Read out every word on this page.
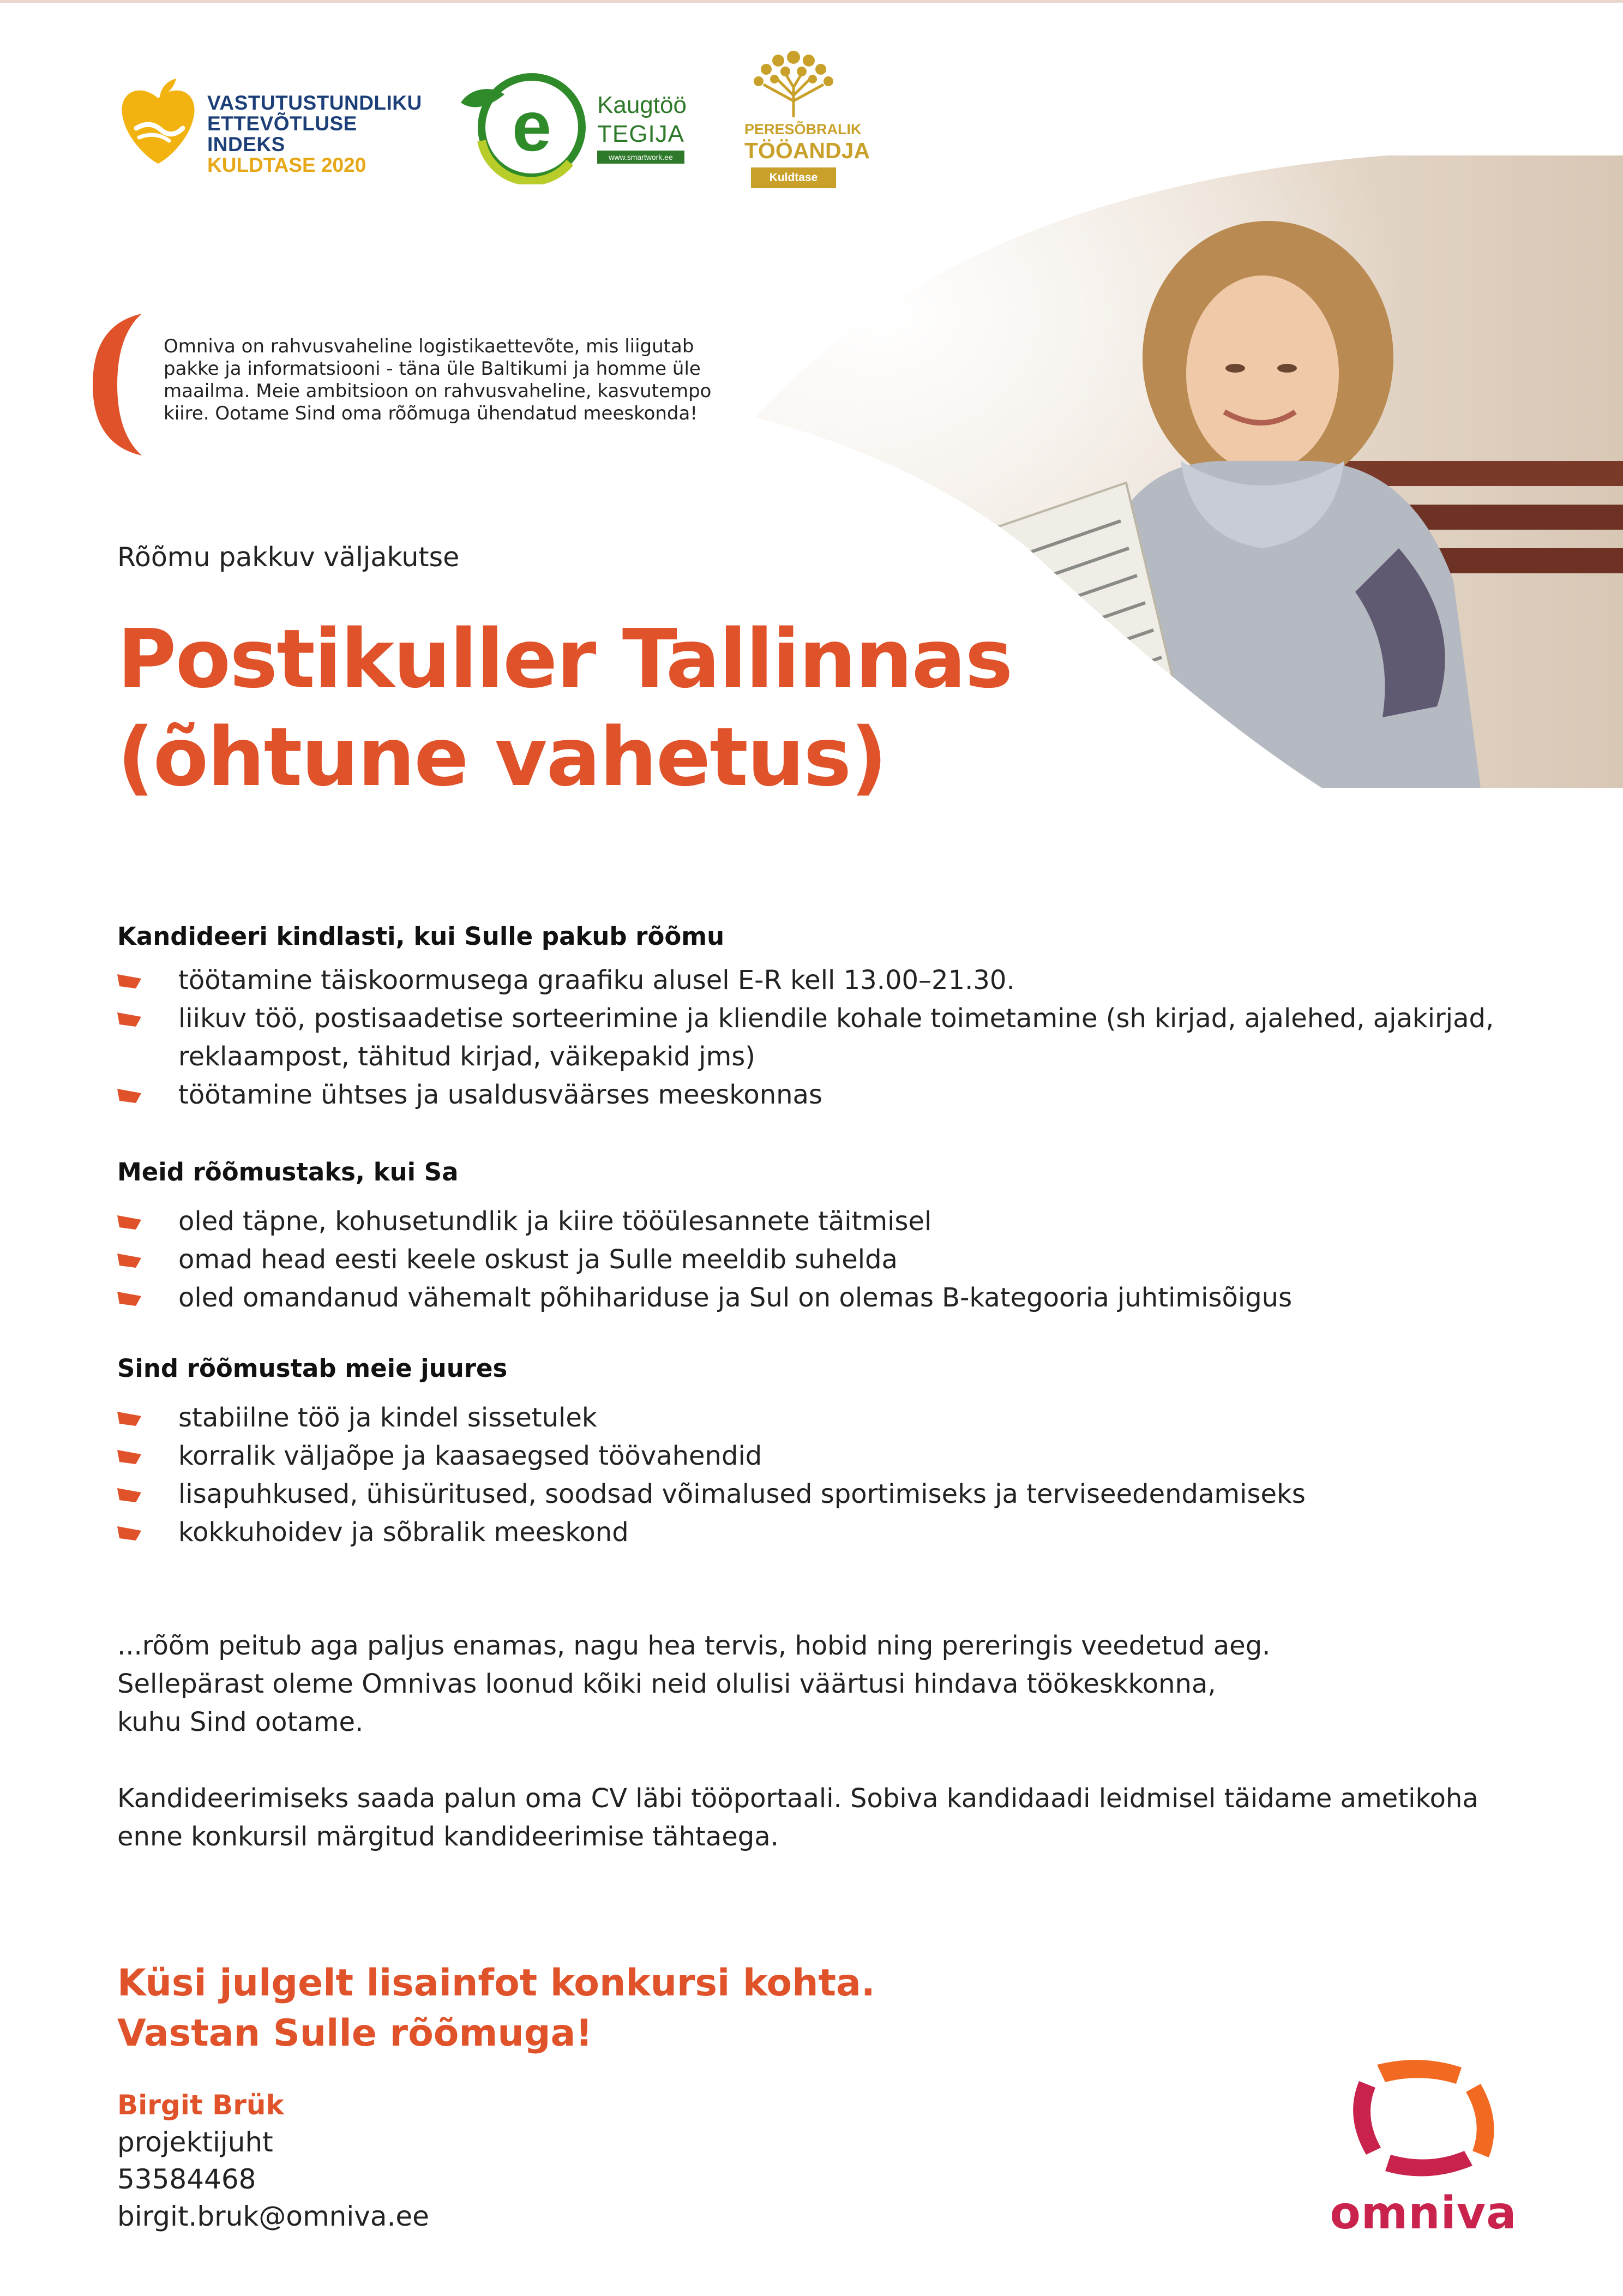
VASTUTUSTUNDLIKU
ETTEVÕTLUSE INDEKS
KULDTASE 2020	e Kaugtöö
TEGIJA
www.smartwork.ee
PERESÕBRALIK
TÖÖANDJA
Kuldtase
Omniva on rahvusvaheline logistikaettevõte, mis liigutab pakke ja informatsiooni - täna üle Baltikumi ja homme üle maailma. Meie ambitsioon on rahvusvaheline, kasvutempo kiire. Ootame Sind oma rõõmuga ühendatud meeskonda!
Rõõmu pakkuv väljakutse
Postikuller Tallinnas
(õhtune vahetus)
Kandideeri kindlasti, kui Sulle pakub rõõmu
töötamine täiskoormusega graafiku alusel E-R kell 13.00–21.30.
liikuv töö, postisaadetise sorteerimine ja kliendile kohale toimetamine (sh kirjad, ajalehed, ajakirjad, reklaampost, tähitud kirjad, väikepakid jms)
töötamine ühtses ja usaldusväärses meeskonnas
Meid rõõmustaks, kui Sa
oled täpne, kohusetundlik ja kiire tööülesannete täitmisel
omad head eesti keele oskust ja Sulle meeldib suhelda
oled omandanud vähemalt põhihariduse ja Sul on olemas B-kategooria juhtimisõigus
Sind rõõmustab meie juures
stabiilne töö ja kindel sissetulek
korralik väljaõpe ja kaasaegsed töövahendid
lisapuhkused, ühisüritused, soodsad võimalused sportimiseks ja terviseedendamiseks
kokkuhoidev ja sõbralik meeskond
...rõõm peitub aga paljus enamas, nagu hea tervis, hobid ning pereringis veedetud aeg.
Sellepärast oleme Omnivas loonud kõiki neid olulisi väärtusi hindava töökeskkonna,
kuhu Sind ootame.
Kandideerimiseks saada palun oma CV läbi tööportaali. Sobiva kandidaadi leidmisel täidame ametikoha enne konkursil märgitud kandideerimise tähtaega.
Küsi julgelt lisainfot konkursi kohta.
Vastan Sulle rõõmuga!
Birgit Brük
projektijuht
53584468
birgit.bruk@omniva.ee	omniva
